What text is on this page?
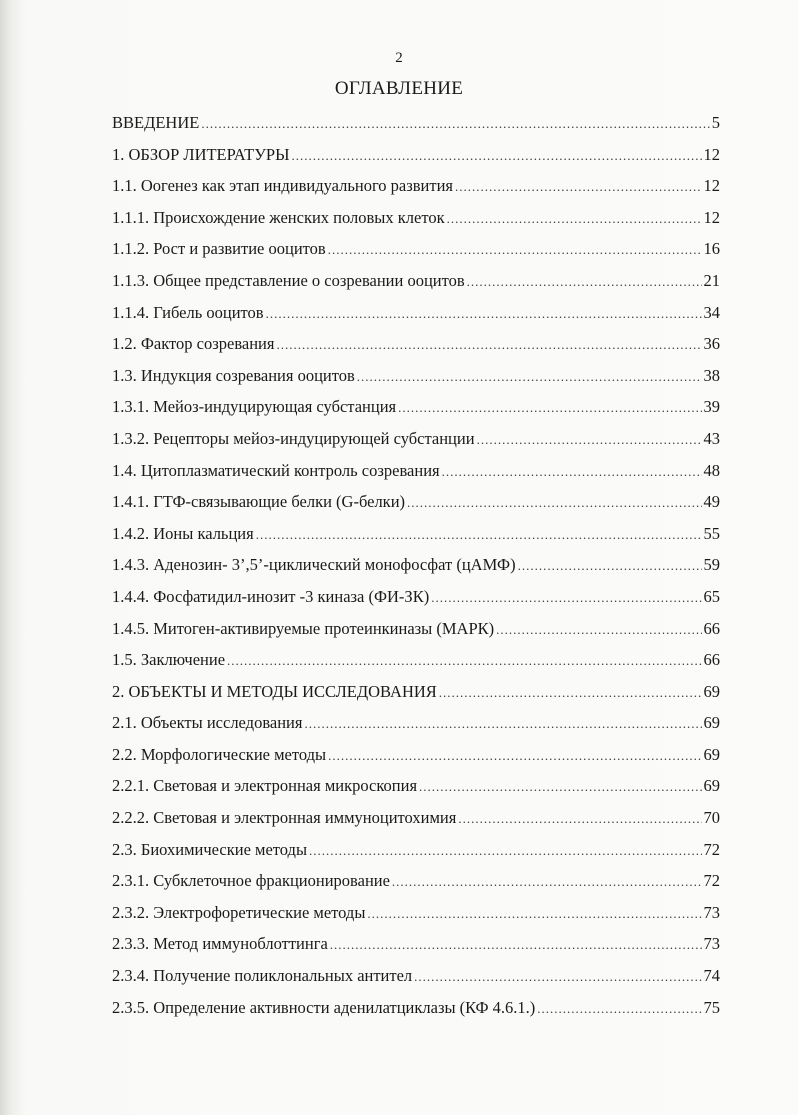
2
ОГЛАВЛЕНИЕ
ВВЕДЕНИЕ .....	5
1. ОБЗОР ЛИТЕРАТУРЫ .....	12
1.1. Оогенез как этап индивидуального развития .....	12
1.1.1. Происхождение женских половых клеток .....	12
1.1.2. Рост и развитие ооцитов .....	16
1.1.3. Общее представление о созревании ооцитов .....	21
1.1.4. Гибель ооцитов .....	34
1.2. Фактор созревания .....	36
1.3. Индукция созревания ооцитов .....	38
1.3.1. Мейоз-индуцирующая субстанция .....	39
1.3.2. Рецепторы мейоз-индуцирующей субстанции .....	43
1.4. Цитоплазматический контроль созревания .....	48
1.4.1. ГТФ-связывающие белки (G-белки) .....	49
1.4.2. Ионы кальция .....	55
1.4.3. Аденозин- 3’,5’-циклический монофосфат (цАМФ) .....	59
1.4.4. Фосфатидил-инозит -3 киназа (ФИ-ЗК) .....	65
1.4.5. Митоген-активируемые протеинкиназы (МАРК) .....	66
1.5. Заключение .....	66
2. ОБЪЕКТЫ И МЕТОДЫ ИССЛЕДОВАНИЯ .....	69
2.1. Объекты исследования .....	69
2.2. Морфологические методы .....	69
2.2.1. Световая и электронная микроскопия .....	69
2.2.2. Световая и электронная иммуноцитохимия .....	70
2.3. Биохимические методы .....	72
2.3.1. Субклеточное фракционирование .....	72
2.3.2. Электрофоретические методы .....	73
2.3.3. Метод иммуноблоттинга .....	73
2.3.4. Получение поликлональных антител .....	74
2.3.5. Определение активности аденилатциклазы (КФ 4.6.1.) .....	75
